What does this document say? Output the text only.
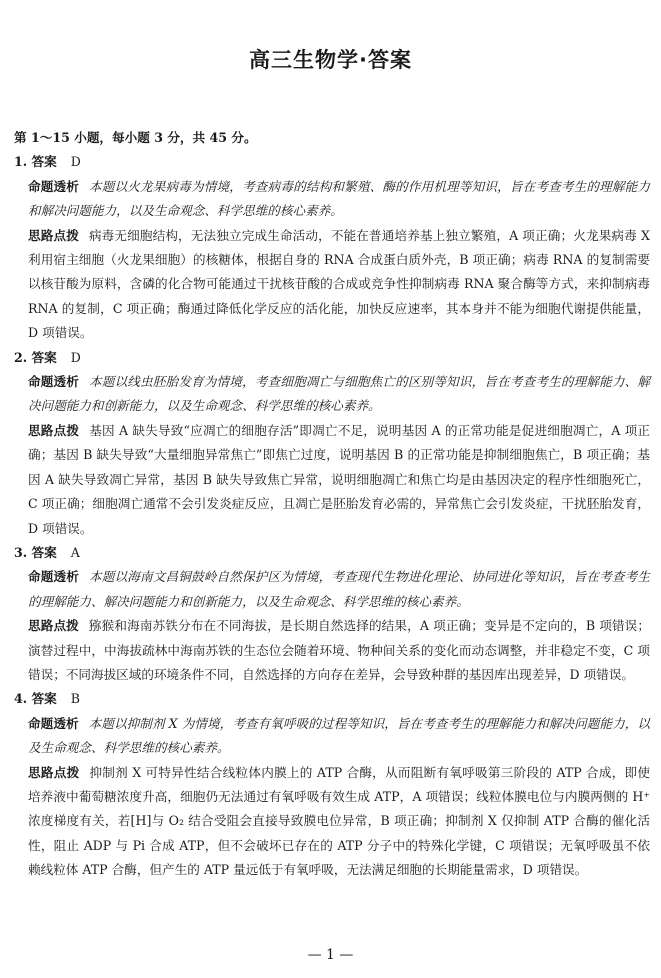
高三生物学·答案
第 1～15 小题，每小题 3 分，共 45 分。
1. 答案 D
命题透析 本题以火龙果病毒为情境，考查病毒的结构和繁殖、酶的作用机理等知识，旨在考查考生的理解能力和解决问题能力，以及生命观念、科学思维的核心素养。
思路点拨 病毒无细胞结构，无法独立完成生命活动，不能在普通培养基上独立繁殖，A 项正确；火龙果病毒 X 利用宿主细胞（火龙果细胞）的核糖体，根据自身的 RNA 合成蛋白质外壳，B 项正确；病毒 RNA 的复制需要以核苷酸为原料，含磷的化合物可能通过干扰核苷酸的合成或竞争性抑制病毒 RNA 聚合酶等方式，来抑制病毒 RNA 的复制，C 项正确；酶通过降低化学反应的活化能，加快反应速率，其本身并不能为细胞代谢提供能量，D 项错误。
2. 答案 D
命题透析 本题以线虫胚胎发育为情境，考查细胞凋亡与细胞焦亡的区别等知识，旨在考查考生的理解能力、解决问题能力和创新能力，以及生命观念、科学思维的核心素养。
思路点拨 基因 A 缺失导致“应凋亡的细胞存活”即凋亡不足，说明基因 A 的正常功能是促进细胞凋亡，A 项正确；基因 B 缺失导致“大量细胞异常焦亡”即焦亡过度，说明基因 B 的正常功能是抑制细胞焦亡，B 项正确；基因 A 缺失导致凋亡异常，基因 B 缺失导致焦亡异常，说明细胞凋亡和焦亡均是由基因决定的程序性细胞死亡，C 项正确；细胞凋亡通常不会引发炎症反应，且凋亡是胚胎发育必需的，异常焦亡会引发炎症，干扰胚胎发育，D 项错误。
3. 答案 A
命题透析 本题以海南文昌铜鼓岭自然保护区为情境，考查现代生物进化理论、协同进化等知识，旨在考查考生的理解能力、解决问题能力和创新能力，以及生命观念、科学思维的核心素养。
思路点拨 猕猴和海南苏铁分布在不同海拔，是长期自然选择的结果，A 项正确；变异是不定向的，B 项错误；演替过程中，中海拔疏林中海南苏铁的生态位会随着环境、物种间关系的变化而动态调整，并非稳定不变，C 项错误；不同海拔区域的环境条件不同，自然选择的方向存在差异，会导致种群的基因库出现差异，D 项错误。
4. 答案 B
命题透析 本题以抑制剂 X 为情境，考查有氧呼吸的过程等知识，旨在考查考生的理解能力和解决问题能力，以及生命观念、科学思维的核心素养。
思路点拨 抑制剂 X 可特异性结合线粒体内膜上的 ATP 合酶，从而阻断有氧呼吸第三阶段的 ATP 合成，即使培养液中葡萄糖浓度升高，细胞仍无法通过有氧呼吸有效生成 ATP，A 项错误；线粒体膜电位与内膜两侧的 H⁺ 浓度梯度有关，若[H]与 O₂ 结合受阻会直接导致膜电位异常，B 项正确；抑制剂 X 仅抑制 ATP 合酶的催化活性，阻止 ADP 与 Pi 合成 ATP，但不会破坏已存在的 ATP 分子中的特殊化学键，C 项错误；无氧呼吸虽不依赖线粒体 ATP 合酶，但产生的 ATP 量远低于有氧呼吸，无法满足细胞的长期能量需求，D 项错误。
— 1 —
